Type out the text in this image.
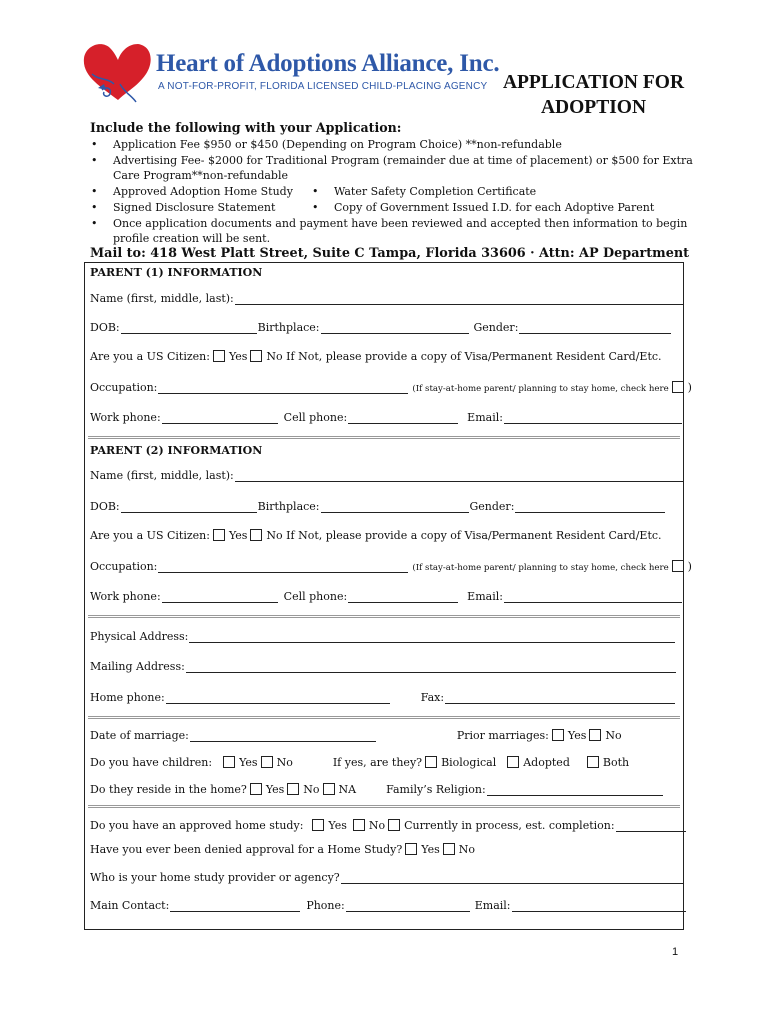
Heart of Adoptions Alliance, Inc.
A NOT-FOR-PROFIT, FLORIDA LICENSED CHILD-PLACING AGENCY APPLICATION FOR
ADOPTION
Include the following with your Application:
• Application Fee $950 or $450 (Depending on Program Choice) **non-refundable
• Advertising Fee- $2000 for Traditional Program (remainder due at time of placement) or $500 for Extra
Care Program**non-refundable
• Approved Adoption Home Study	• Water Safety Completion Certificate
• Signed Disclosure Statement	• Copy of Government Issued I.D. for each Adoptive Parent
• Once application documents and payment have been reviewed and accepted then information to begin
profile creation will be sent.
Mail to: 418 West Platt Street, Suite C Tampa, Florida 33606 · Attn: AP Department
PARENT (1) INFORMATION
Name (first, middle, last):
DOB:	Birthplace:	Gender:
Are you a US Citizen: Yes No If Not, please provide a copy of Visa/Permanent Resident Card/Etc.
Occupation:	(If stay-at-home parent/ planning to stay home, check here )
Work phone:	Cell phone:	Email:
PARENT (2) INFORMATION
Name (first, middle, last):
DOB:	Birthplace:	Gender:
Are you a US Citizen: Yes No If Not, please provide a copy of Visa/Permanent Resident Card/Etc.
Occupation:	(If stay-at-home parent/ planning to stay home, check here )
Work phone:	Cell phone:	Email:
Physical Address:
Mailing Address:
Home phone:	Fax:
Date of marriage:	Prior marriages: Yes No
Do you have children: Yes No	If yes, are they? Biological Adopted	Both
Do they reside in the home? Yes No NA	Family’s Religion:
Do you have an approved home study: Yes No Currently in process, est. completion:
Have you ever been denied approval for a Home Study? Yes No
Who is your home study provider or agency?
Main Contact:	Phone:	Email:
1
